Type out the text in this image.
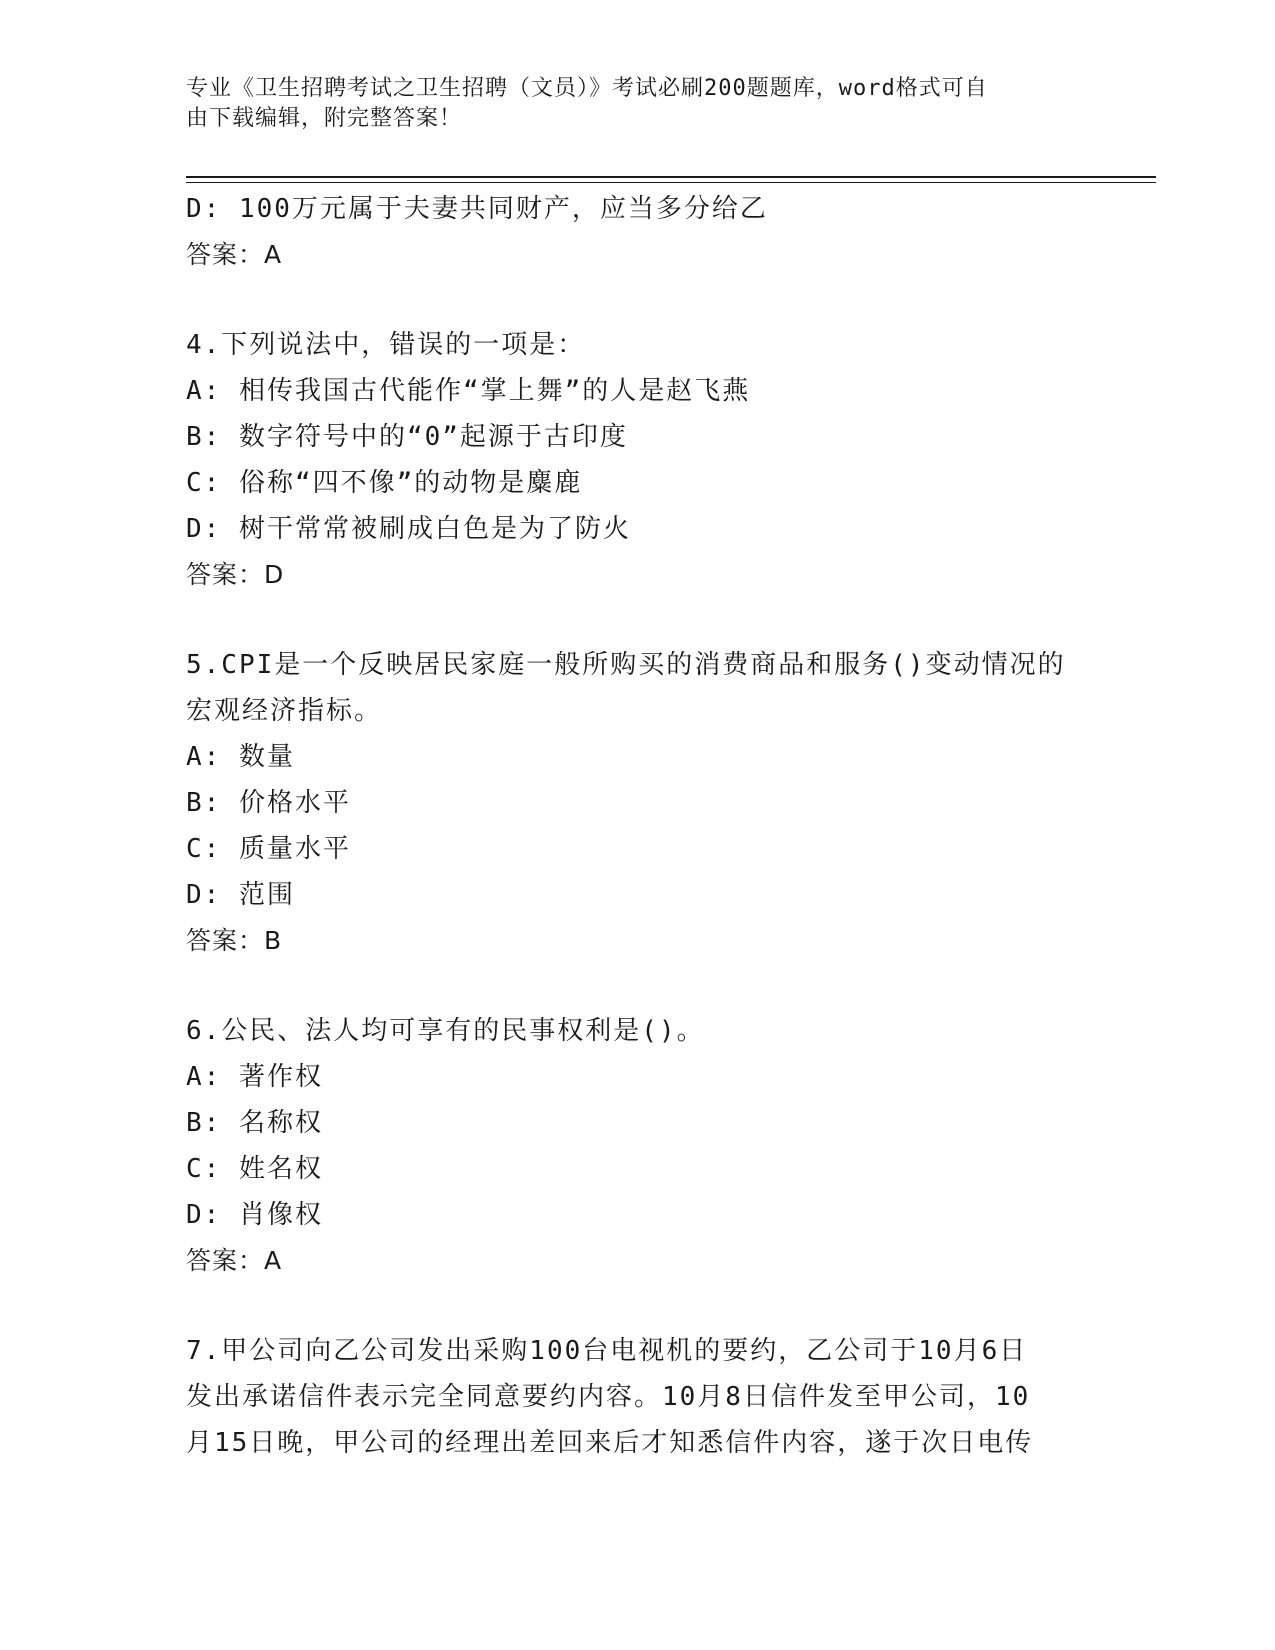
专业《卫生招聘考试之卫生招聘（文员）》考试必刷200题题库，word格式可自
由下载编辑，附完整答案！
D: 100万元属于夫妻共同财产，应当多分给乙
答案：A
4.下列说法中，错误的一项是：
A: 相传我国古代能作“掌上舞”的人是赵飞燕
B: 数字符号中的“0”起源于古印度
C: 俗称“四不像”的动物是麋鹿
D: 树干常常被刷成白色是为了防火
答案：D
5.CPI是一个反映居民家庭一般所购买的消费商品和服务()变动情况的
宏观经济指标。
A: 数量
B: 价格水平
C: 质量水平
D: 范围
答案：B
6.公民、法人均可享有的民事权利是()。
A: 著作权
B: 名称权
C: 姓名权
D: 肖像权
答案：A
7.甲公司向乙公司发出采购100台电视机的要约，乙公司于10月6日
发出承诺信件表示完全同意要约内容。10月8日信件发至甲公司，10
月15日晚，甲公司的经理出差回来后才知悉信件内容，遂于次日电传
